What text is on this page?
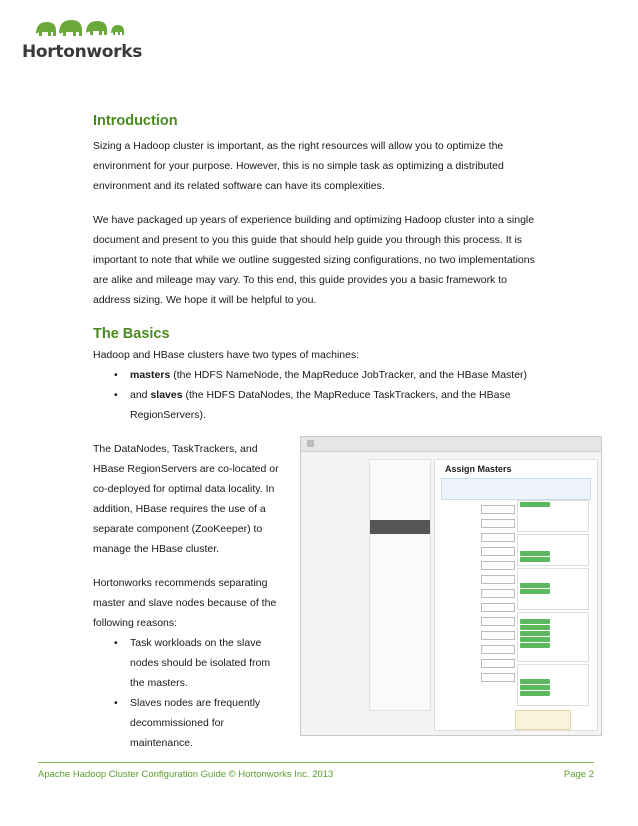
Hortonworks
Introduction

Sizing a Hadoop cluster is important, as the right resources will allow you to optimize the

environment for your purpose. However, this is no simple task as optimizing a distributed

environment and its related software can have its complexities.

We have packaged up years of experience building and optimizing Hadoop cluster into a single

document and present to you this guide that should help guide you through this process. It is

important to note that while we outline suggested sizing configurations, no two implementations

are alike and mileage may vary. To this end, this guide provides you a basic framework to

address sizing. We hope it will be helpful to you.

The Basics

Hadoop and HBase clusters have two types of machines:

• masters (the HDFS NameNode, the MapReduce JobTracker, and the HBase Master)
• and slaves (the HDFS DataNodes, the MapReduce TaskTrackers, and the HBase
RegionServers).

The DataNodes, TaskTrackers, and

HBase RegionServers are co-located or

co-deployed for optimal data locality. In

addition, HBase requires the use of a

separate component (ZooKeeper) to

manage the HBase cluster.

Hortonworks recommends separating

master and slave nodes because of the

following reasons:

• Task workloads on the slave
nodes should be isolated from
the masters.
• Slaves nodes are frequently
decommissioned for
maintenance.
Assign Masters
Apache Hadoop Cluster Configuration Guide © Hortonworks Inc. 2013	Page 2
